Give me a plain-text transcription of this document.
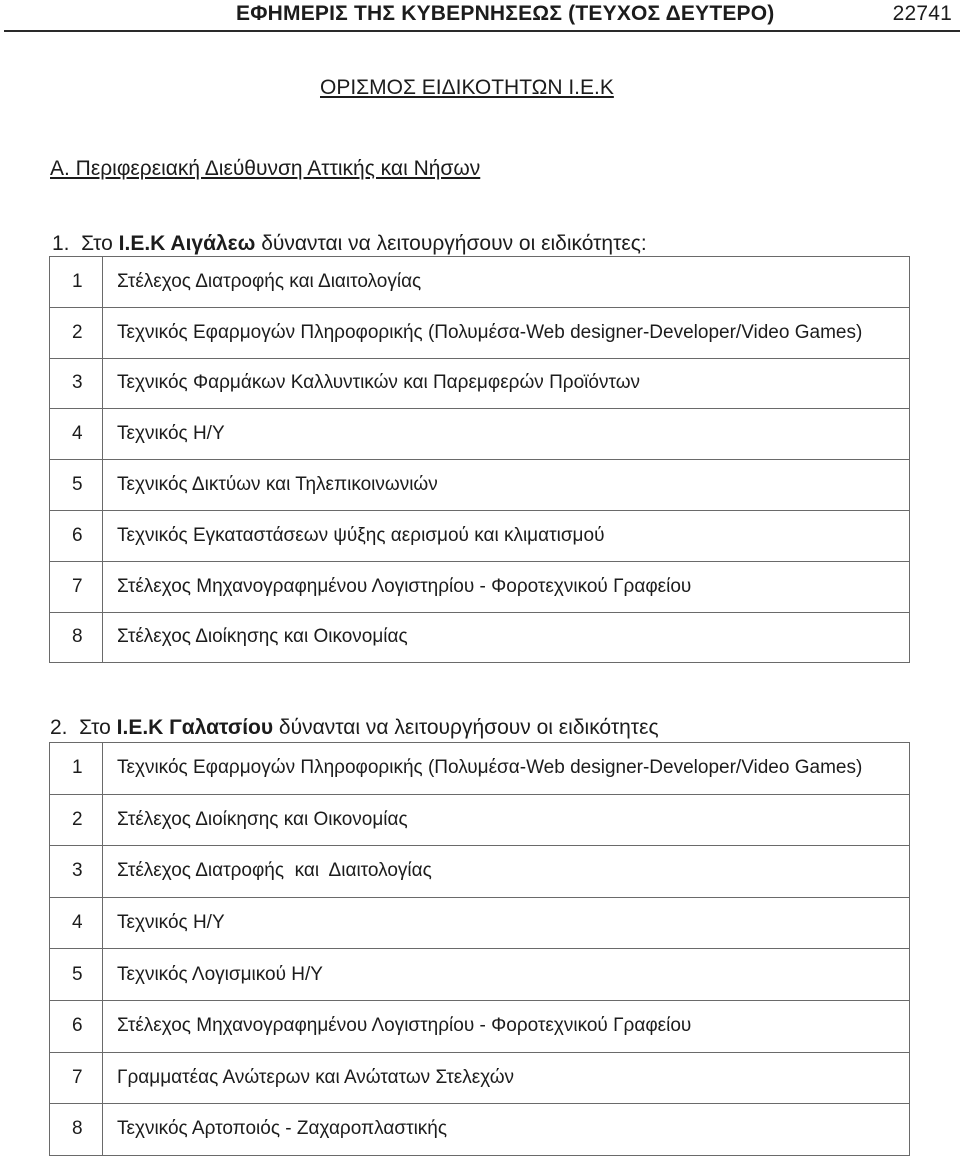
ΕΦΗΜΕΡΙΣ ΤΗΣ ΚΥΒΕΡΝΗΣΕΩΣ (ΤΕΥΧΟΣ ΔΕΥΤΕΡΟ)	22741
ΟΡΙΣΜΟΣ ΕΙΔΙΚΟΤΗΤΩΝ Ι.Ε.Κ
Α. Περιφερειακή Διεύθυνση Αττικής και Νήσων
1.  Στο Ι.Ε.Κ Αιγάλεω δύνανται να λειτουργήσουν οι ειδικότητες:
1	Στέλεχος Διατροφής και Διαιτολογίας
2	Τεχνικός Εφαρμογών Πληροφορικής (Πολυμέσα-Web designer-Developer/Video Games)
3	Τεχνικός Φαρμάκων Καλλυντικών και Παρεμφερών Προϊόντων
4	Τεχνικός Η/Υ
5	Τεχνικός Δικτύων και Τηλεπικοινωνιών
6	Τεχνικός Εγκαταστάσεων ψύξης αερισμού και κλιματισμού
7	Στέλεχος Μηχανογραφημένου Λογιστηρίου - Φοροτεχνικού Γραφείου
8	Στέλεχος Διοίκησης και Οικονομίας
2.  Στο Ι.Ε.Κ Γαλατσίου δύνανται να λειτουργήσουν οι ειδικότητες
1	Τεχνικός Εφαρμογών Πληροφορικής (Πολυμέσα-Web designer-Developer/Video Games)
2	Στέλεχος Διοίκησης και Οικονομίας
3	Στέλεχος Διατροφής  και  Διαιτολογίας
4	Τεχνικός Η/Υ
5	Τεχνικός Λογισμικού Η/Υ
6	Στέλεχος Μηχανογραφημένου Λογιστηρίου - Φοροτεχνικού Γραφείου
7	Γραμματέας Ανώτερων και Ανώτατων Στελεχών
8	Τεχνικός Αρτοποιός - Ζαχαροπλαστικής
